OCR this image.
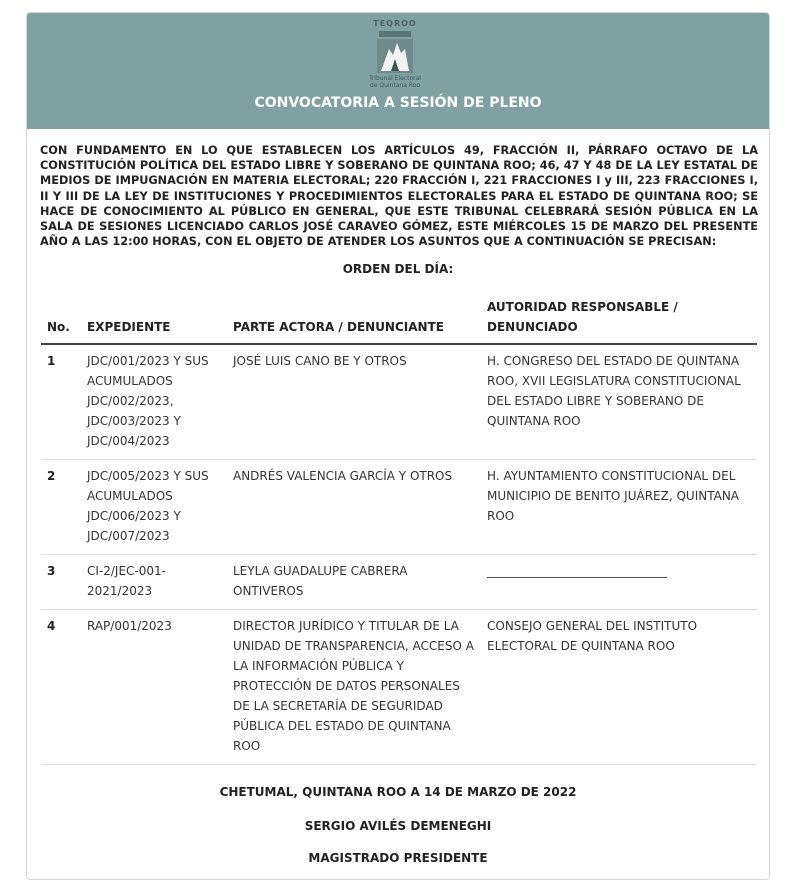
TEQROO
Tribunal Electoral
de Quintana Roo
CONVOCATORIA A SESIÓN DE PLENO
CON FUNDAMENTO EN LO QUE ESTABLECEN LOS ARTÍCULOS 49, FRACCIÓN II, PÁRRAFO OCTAVO DE LA CONSTITUCIÓN POLÍTICA DEL ESTADO LIBRE Y SOBERANO DE QUINTANA ROO; 46, 47 Y 48 DE LA LEY ESTATAL DE MEDIOS DE IMPUGNACIÓN EN MATERIA ELECTORAL; 220 FRACCIÓN I, 221 FRACCIONES I y III, 223 FRACCIONES I, II Y III DE LA LEY DE INSTITUCIONES Y PROCEDIMIENTOS ELECTORALES PARA EL ESTADO DE QUINTANA ROO; SE HACE DE CONOCIMIENTO AL PÚBLICO EN GENERAL, QUE ESTE TRIBUNAL CELEBRARÁ SESIÓN PÚBLICA EN LA SALA DE SESIONES LICENCIADO CARLOS JOSÉ CARAVEO GÓMEZ, ESTE MIÉRCOLES 15 DE MARZO DEL PRESENTE AÑO A LAS 12:00 HORAS, CON EL OBJETO DE ATENDER LOS ASUNTOS QUE A CONTINUACIÓN SE PRECISAN:
ORDEN DEL DÍA:
No.	EXPEDIENTE	PARTE ACTORA / DENUNCIANTE	AUTORIDAD RESPONSABLE / DENUNCIADO
1	JDC/001/2023 Y SUS ACUMULADOS JDC/002/2023, JDC/003/2023 Y JDC/004/2023	JOSÉ LUIS CANO BE Y OTROS	H. CONGRESO DEL ESTADO DE QUINTANA ROO, XVII LEGISLATURA CONSTITUCIONAL DEL ESTADO LIBRE Y SOBERANO DE QUINTANA ROO
2	JDC/005/2023 Y SUS ACUMULADOS JDC/006/2023 Y JDC/007/2023	ANDRÉS VALENCIA GARCÍA Y OTROS	H. AYUNTAMIENTO CONSTITUCIONAL DEL MUNICIPIO DE BENITO JUÁREZ, QUINTANA ROO
3	CI-2/JEC-001-2021/2023	LEYLA GUADALUPE CABRERA ONTIVEROS	______________________________
4	RAP/001/2023	DIRECTOR JURÍDICO Y TITULAR DE LA UNIDAD DE TRANSPARENCIA, ACCESO A LA INFORMACIÓN PÚBLICA Y PROTECCIÓN DE DATOS PERSONALES DE LA SECRETARÍA DE SEGURIDAD PÚBLICA DEL ESTADO DE QUINTANA ROO	CONSEJO GENERAL DEL INSTITUTO ELECTORAL DE QUINTANA ROO
CHETUMAL, QUINTANA ROO A 14 DE MARZO DE 2022
SERGIO AVILÉS DEMENEGHI
MAGISTRADO PRESIDENTE
